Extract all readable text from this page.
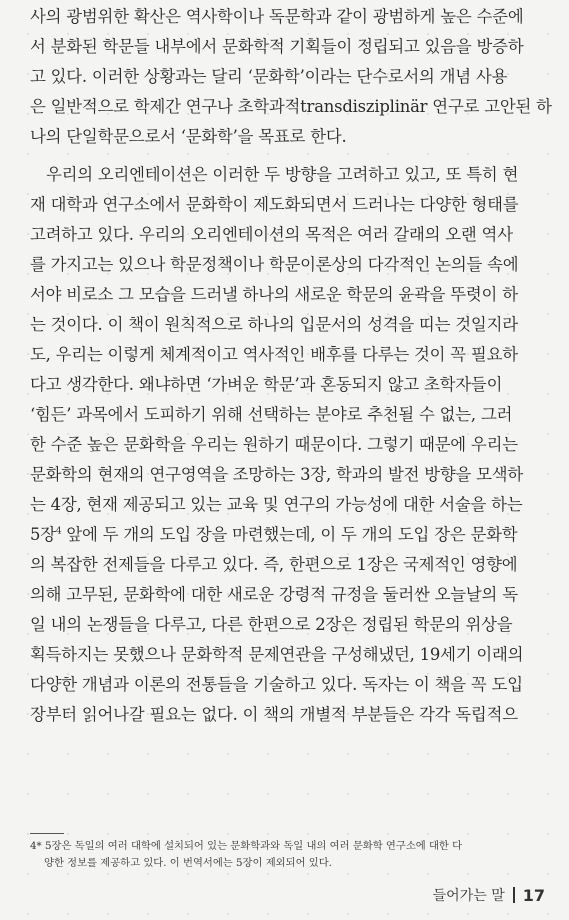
사의 광범위한 확산은 역사학이나 독문학과 같이 광범하게 높은 수준에
서 분화된 학문들 내부에서 문화학적 기획들이 정립되고 있음을 방증하
고 있다. 이러한 상황과는 달리 ‘문화학’이라는 단수로서의 개념 사용
은 일반적으로 학제간 연구나 초학과적transdisziplinär 연구로 고안된 하
나의 단일학문으로서 ‘문화학’을 목표로 한다.
우리의 오리엔테이션은 이러한 두 방향을 고려하고 있고, 또 특히 현
재 대학과 연구소에서 문화학이 제도화되면서 드러나는 다양한 형태를
고려하고 있다. 우리의 오리엔테이션의 목적은 여러 갈래의 오랜 역사
를 가지고는 있으나 학문정책이나 학문이론상의 다각적인 논의들 속에
서야 비로소 그 모습을 드러낼 하나의 새로운 학문의 윤곽을 뚜렷이 하
는 것이다. 이 책이 원칙적으로 하나의 입문서의 성격을 띠는 것일지라
도, 우리는 이렇게 체계적이고 역사적인 배후를 다루는 것이 꼭 필요하
다고 생각한다. 왜냐하면 ‘가벼운 학문’과 혼동되지 않고 초학자들이
‘힘든’ 과목에서 도피하기 위해 선택하는 분야로 추천될 수 없는, 그러
한 수준 높은 문화학을 우리는 원하기 때문이다. 그렇기 때문에 우리는
문화학의 현재의 연구영역을 조망하는 3장, 학과의 발전 방향을 모색하
는 4장, 현재 제공되고 있는 교육 및 연구의 가능성에 대한 서술을 하는
5장$^4$ 앞에 두 개의 도입 장을 마련했는데, 이 두 개의 도입 장은 문화학
의 복잡한 전제들을 다루고 있다. 즉, 한편으로 1장은 국제적인 영향에
의해 고무된, 문화학에 대한 새로운 강령적 규정을 둘러싼 오늘날의 독
일 내의 논쟁들을 다루고, 다른 한편으로 2장은 정립된 학문의 위상을
획득하지는 못했으나 문화학적 문제연관을 구성해냈던, 19세기 이래의
다양한 개념과 이론의 전통들을 기술하고 있다. 독자는 이 책을 꼭 도입
장부터 읽어나갈 필요는 없다. 이 책의 개별적 부분들은 각각 독립적으
4* 5장은 독일의 여러 대학에 설치되어 있는 문화학과와 독일 내의 여러 문화학 연구소에 대한 다
양한 정보를 제공하고 있다. 이 번역서에는 5장이 제외되어 있다.
들어가는 말 17
